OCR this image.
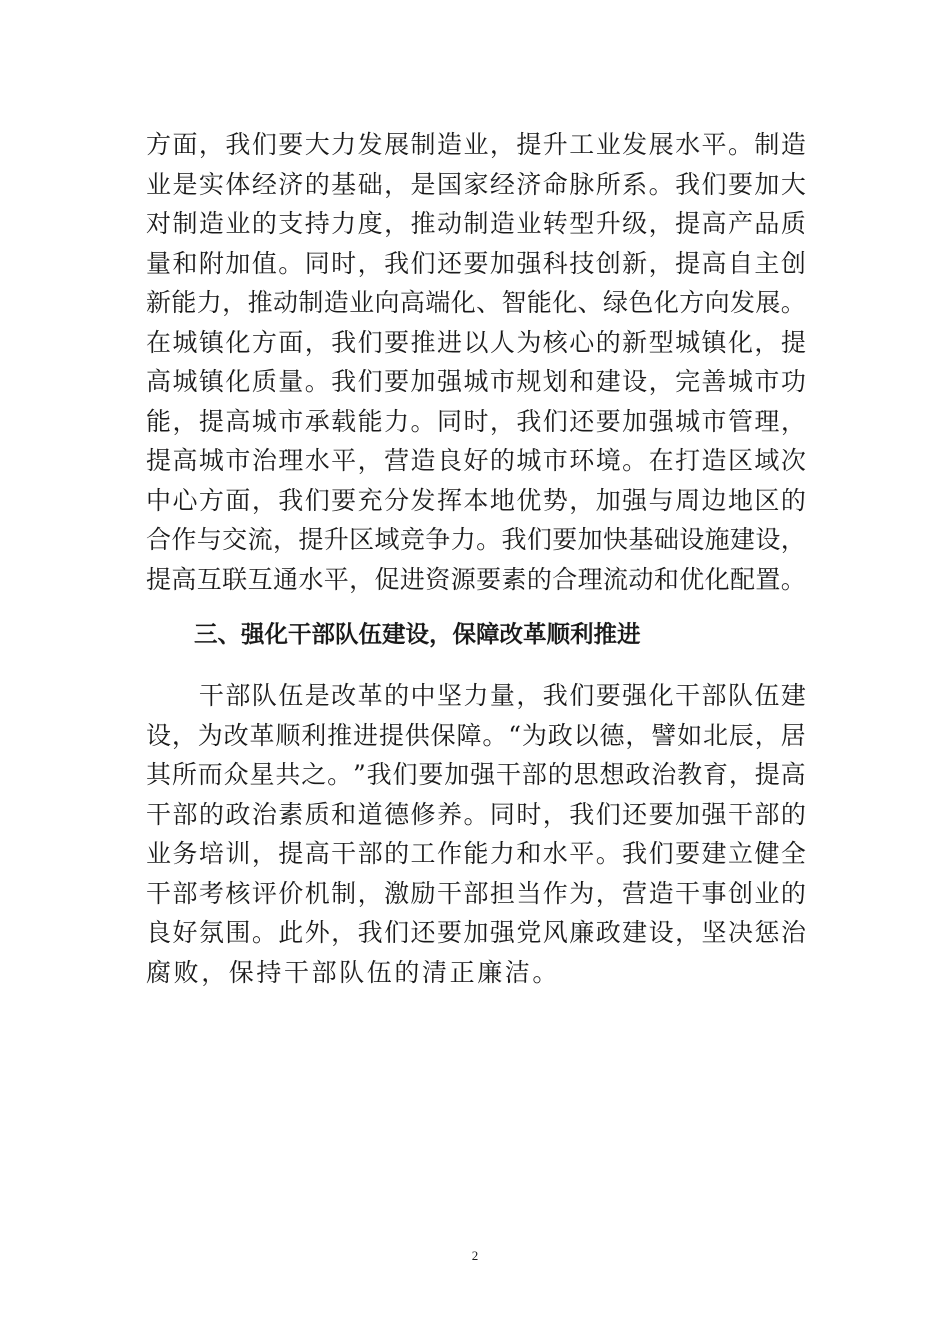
方 面 ， 我 们 要 大 力 发 展 制 造 业 ， 提 升 工 业 发 展 水 平 。 制 造
业 是 实 体 经 济 的 基 础 ， 是 国 家 经 济 命 脉 所 系 。 我 们 要 加 大
对 制 造 业 的 支 持 力 度 ， 推 动 制 造 业 转 型 升 级 ， 提 高 产 品 质
量 和 附 加 值 。 同 时 ， 我 们 还 要 加 强 科 技 创 新 ， 提 高 自 主 创
新 能 力 ， 推 动 制 造 业 向 高 端 化 、 智 能 化 、 绿 色 化 方 向 发 展 。
在 城 镇 化 方 面 ， 我 们 要 推 进 以 人 为 核 心 的 新 型 城 镇 化 ， 提
高 城 镇 化 质 量 。 我 们 要 加 强 城 市 规 划 和 建 设 ， 完 善 城 市 功
能 ， 提 高 城 市 承 载 能 力 。 同 时 ， 我 们 还 要 加 强 城 市 管 理 ，
提 高 城 市 治 理 水 平 ， 营 造 良 好 的 城 市 环 境 。 在 打 造 区 域 次
中 心 方 面 ， 我 们 要 充 分 发 挥 本 地 优 势 ， 加 强 与 周 边 地 区 的
合 作 与 交 流 ， 提 升 区 域 竞 争 力 。 我 们 要 加 快 基 础 设 施 建 设 ，
提 高 互 联 互 通 水 平 ， 促 进 资 源 要 素 的 合 理 流 动 和 优 化 配 置 。
三、强化干部队伍建设，保障改革顺利推进

干 部 队 伍 是 改 革 的 中 坚 力 量 ， 我 们 要 强 化 干 部 队 伍 建
设 ， 为 改 革 顺 利 推 进 提 供 保 障 。 “ 为 政 以 德 ， 譬 如 北 辰 ， 居
其 所 而 众 星 共 之 。 ” 我 们 要 加 强 干 部 的 思 想 政 治 教 育 ， 提 高
干 部 的 政 治 素 质 和 道 德 修 养 。 同 时 ， 我 们 还 要 加 强 干 部 的
业 务 培 训 ， 提 高 干 部 的 工 作 能 力 和 水 平 。 我 们 要 建 立 健 全
干 部 考 核 评 价 机 制 ， 激 励 干 部 担 当 作 为 ， 营 造 干 事 创 业 的
良 好 氛 围 。 此 外 ， 我 们 还 要 加 强 党 风 廉 政 建 设 ， 坚 决 惩 治
腐败，保持干部队伍的清正廉洁。
2
